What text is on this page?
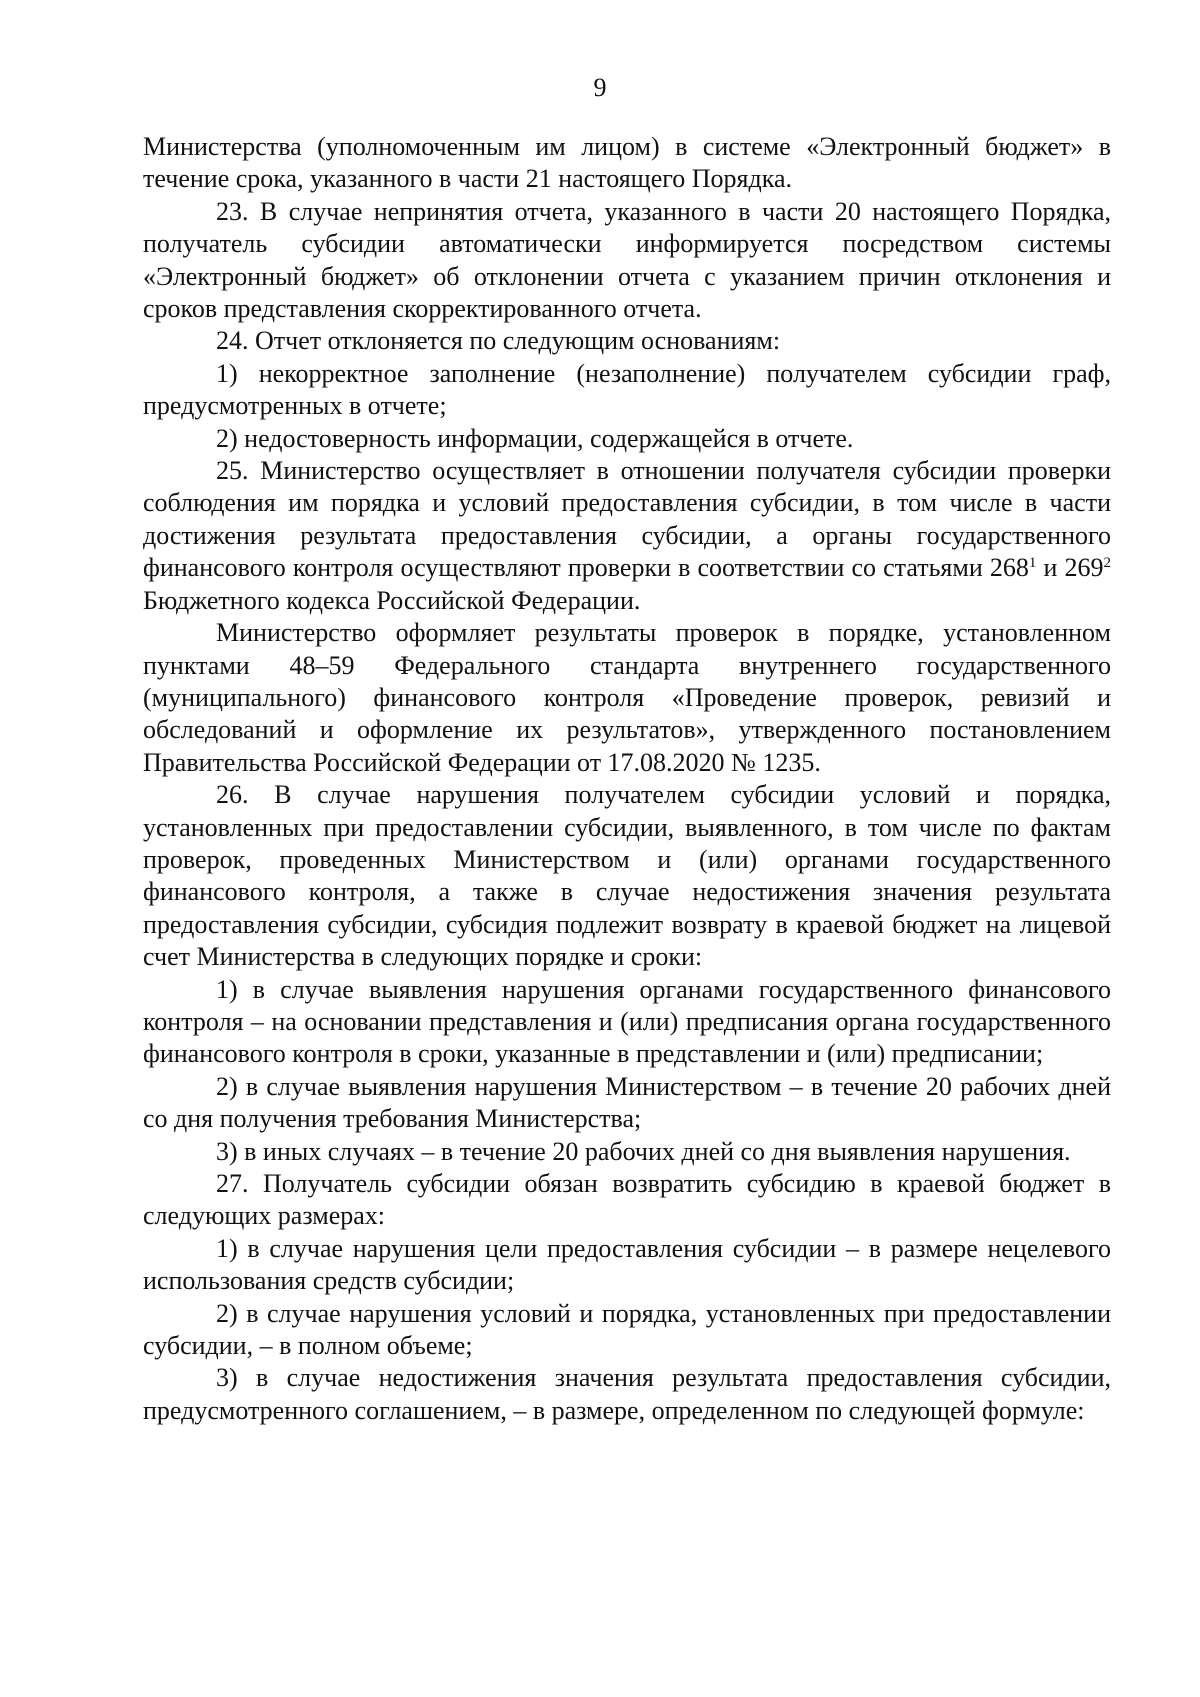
9

Министерства (уполномоченным им лицом) в системе «Электронный бюджет» в течение срока, указанного в части 21 настоящего Порядка.

23. В случае непринятия отчета, указанного в части 20 настоящего Порядка, получатель субсидии автоматически информируется посредством системы «Электронный бюджет» об отклонении отчета с указанием причин отклонения и сроков представления скорректированного отчета.

24. Отчет отклоняется по следующим основаниям:

1) некорректное заполнение (незаполнение) получателем субсидии граф, предусмотренных в отчете;

2) недостоверность информации, содержащейся в отчете.

25. Министерство осуществляет в отношении получателя субсидии проверки соблюдения им порядка и условий предоставления субсидии, в том числе в части достижения результата предоставления субсидии, а органы государственного финансового контроля осуществляют проверки в соответствии со статьями $268^1$ и $269^2$ Бюджетного кодекса Российской Федерации.

Министерство оформляет результаты проверок в порядке, установленном пунктами 48–59 Федерального стандарта внутреннего государственного (муниципального) финансового контроля «Проведение проверок, ревизий и обследований и оформление их результатов», утвержденного постановлением Правительства Российской Федерации от 17.08.2020 № 1235.

26. В случае нарушения получателем субсидии условий и порядка, установленных при предоставлении субсидии, выявленного, в том числе по фактам проверок, проведенных Министерством и (или) органами государственного финансового контроля, а также в случае недостижения значения результата предоставления субсидии, субсидия подлежит возврату в краевой бюджет на лицевой счет Министерства в следующих порядке и сроки:

1) в случае выявления нарушения органами государственного финансового контроля – на основании представления и (или) предписания органа государственного финансового контроля в сроки, указанные в представлении и (или) предписании;

2) в случае выявления нарушения Министерством – в течение 20 рабочих дней со дня получения требования Министерства;

3) в иных случаях – в течение 20 рабочих дней со дня выявления нарушения.

27. Получатель субсидии обязан возвратить субсидию в краевой бюджет в следующих размерах:

1) в случае нарушения цели предоставления субсидии – в размере нецелевого использования средств субсидии;

2) в случае нарушения условий и порядка, установленных при предоставлении субсидии, – в полном объеме;

3) в случае недостижения значения результата предоставления субсидии, предусмотренного соглашением, – в размере, определенном по следующей формуле:
